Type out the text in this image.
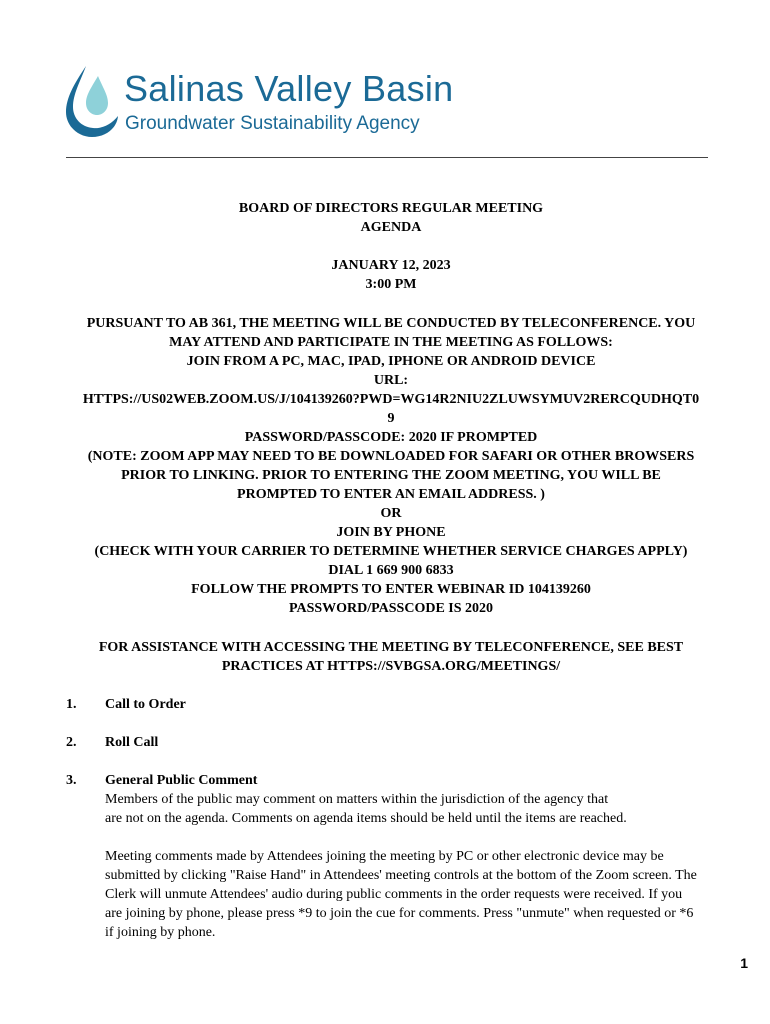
Salinas Valley Basin
Groundwater Sustainability Agency
BOARD OF DIRECTORS REGULAR MEETING
AGENDA
JANUARY 12, 2023
3:00 PM
PURSUANT TO AB 361, THE MEETING WILL BE CONDUCTED BY TELECONFERENCE. YOU
MAY ATTEND AND PARTICIPATE IN THE MEETING AS FOLLOWS:
JOIN FROM A PC, MAC, IPAD, IPHONE OR ANDROID DEVICE
URL:
HTTPS://US02WEB.ZOOM.US/J/104139260?PWD=WG14R2NIU2ZLUWSYMUV2RERCQUDHQT0
9
PASSWORD/PASSCODE: 2020 IF PROMPTED
(NOTE: ZOOM APP MAY NEED TO BE DOWNLOADED FOR SAFARI OR OTHER BROWSERS
PRIOR TO LINKING. PRIOR TO ENTERING THE ZOOM MEETING, YOU WILL BE
PROMPTED TO ENTER AN EMAIL ADDRESS. )
OR
JOIN BY PHONE
(CHECK WITH YOUR CARRIER TO DETERMINE WHETHER SERVICE CHARGES APPLY)
DIAL 1 669 900 6833
FOLLOW THE PROMPTS TO ENTER WEBINAR ID 104139260
PASSWORD/PASSCODE IS 2020
FOR ASSISTANCE WITH ACCESSING THE MEETING BY TELECONFERENCE, SEE BEST
PRACTICES AT HTTPS://SVBGSA.ORG/MEETINGS/
1. Call to Order
2. Roll Call
3. General Public Comment
Members of the public may comment on matters within the jurisdiction of the agency that
are not on the agenda. Comments on agenda items should be held until the items are reached.
Meeting comments made by Attendees joining the meeting by PC or other electronic device may be
submitted by clicking "Raise Hand" in Attendees' meeting controls at the bottom of the Zoom screen. The
Clerk will unmute Attendees' audio during public comments in the order requests were received. If you
are joining by phone, please press *9 to join the cue for comments. Press "unmute" when requested or *6
if joining by phone.
1
